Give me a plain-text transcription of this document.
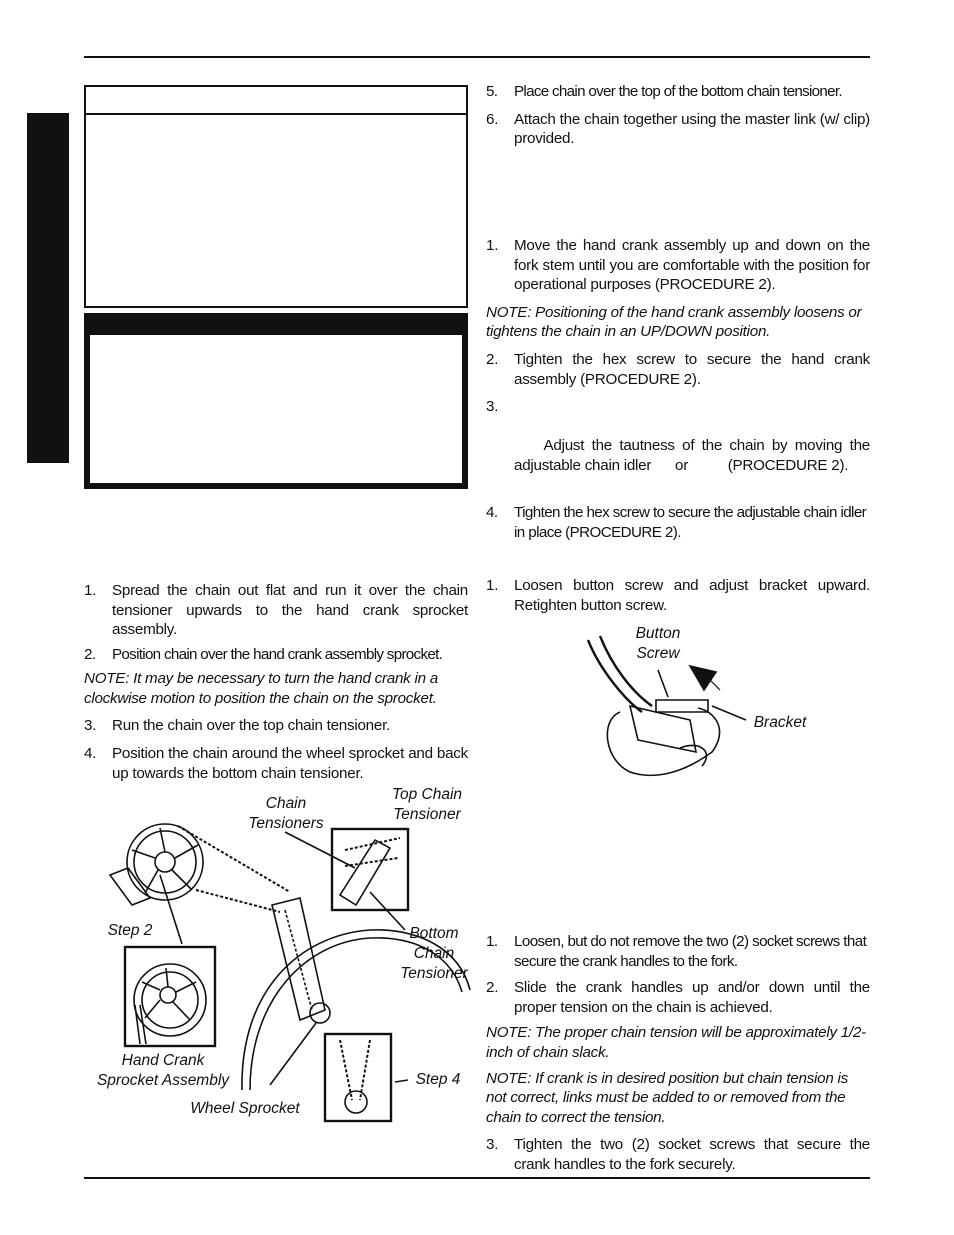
1. Spread the chain out flat and run it over the chain tensioner upwards to the hand crank sprocket assembly.
2. Position chain over the hand crank assembly sprocket.
NOTE: It may be necessary to turn the hand crank in a clockwise motion to position the chain on the sprocket.
3. Run the chain over the top chain tensioner.
4. Position the chain around the wheel sprocket and back up towards the bottom chain tensioner.
Chain
Tensioners
Top Chain
Tensioner
Bottom
Chain
Tensioner
Step 2
Step 4
Hand Crank
Sprocket Assembly
Wheel Sprocket
5. Place chain over the top of the bottom chain tensioner.
6. Attach the chain together using the master link (w/ clip) provided.
1. Move the hand crank assembly up and down on the fork stem until you are comfortable with the position for operational purposes (PROCEDURE 2).
NOTE: Positioning of the hand crank assembly loosens or tightens the chain in an UP/DOWN position.
2. Tighten the hex screw to secure the hand crank assembly (PROCEDURE 2).

3.

Adjust the tautness of the chain by moving the adjustable chain idler      or          (PROCEDURE 2).

4. Tighten the hex screw to secure the adjustable chain idler in place (PROCEDURE 2).
1. Loosen button screw and adjust bracket upward. Retighten button screw.
Button
Screw
Bracket
1. Loosen, but do not remove the two (2) socket screws that secure the crank handles to the fork.
2. Slide the crank handles up and/or down until the proper tension on the chain is achieved.
NOTE: The proper chain tension will be approximately 1/2-inch of chain slack.
NOTE: If crank is in desired position but chain tension is not correct, links must be added to or removed from the chain to correct the tension.
3. Tighten the two (2) socket screws that secure the crank handles to the fork securely.
